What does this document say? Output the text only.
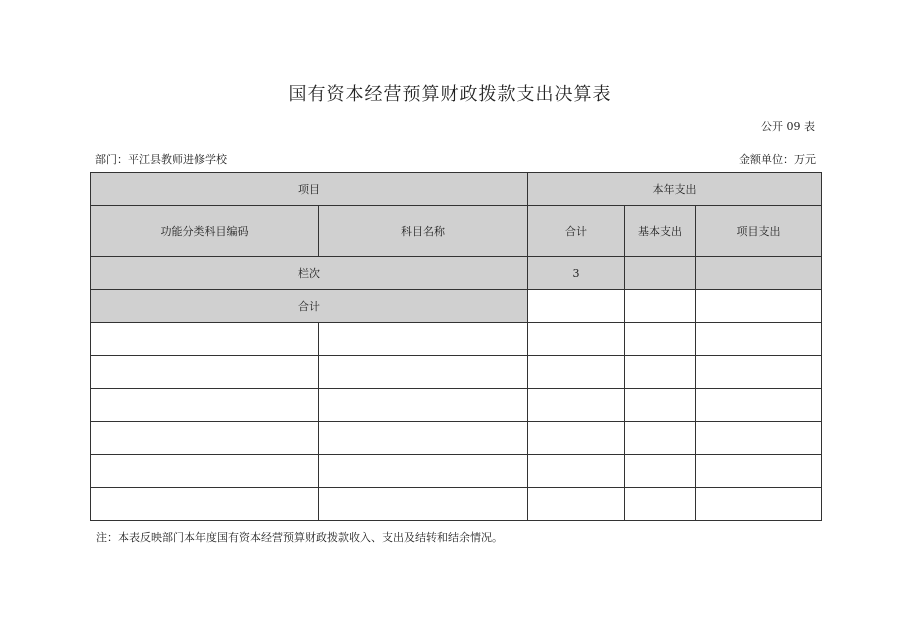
国有资本经营预算财政拨款支出决算表
公开 09 表
部门：平江县教师进修学校	金额单位：万元
项目		本年支出		
功能分类科目编码	科目名称	合计	基本支出	项目支出
栏次		3		
合计				

注：本表反映部门本年度国有资本经营预算财政拨款收入、支出及结转和结余情况。
